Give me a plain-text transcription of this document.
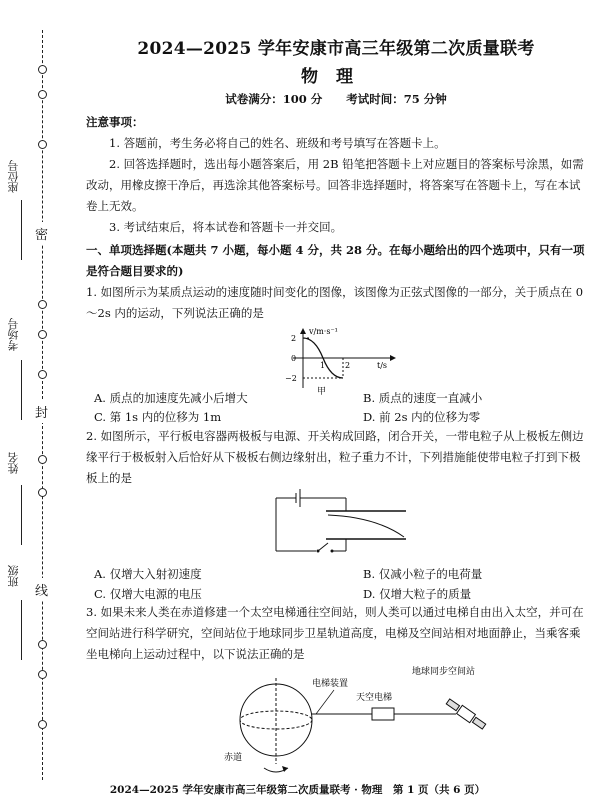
密
封
线
座位号
考场号
姓名
班级
2024—2025 学年安康市高三年级第二次质量联考
物理
试卷满分：100 分 考试时间：75 分钟
注意事项：
1. 答题前，考生务必将自己的姓名、班级和考号填写在答题卡上。
2. 回答选择题时，选出每小题答案后，用 2B 铅笔把答题卡上对应题目的答案标号涂黑，如需改动，用橡皮擦干净后，再选涂其他答案标号。回答非选择题时，将答案写在答题卡上，写在本试卷上无效。
3. 考试结束后，将本试卷和答题卡一并交回。
一、单项选择题(本题共 7 小题，每小题 4 分，共 28 分。在每小题给出的四个选项中，只有一项是符合题目要求的)
1. 如图所示为某质点运动的速度随时间变化的图像，该图像为正弦式图像的一部分，关于质点在 0～2s 内的运动，下列说法正确的是
v/m·s⁻¹
2
0
−2
1 2	t/s
甲
A. 质点的加速度先减小后增大	B. 质点的速度一直减小
C. 第 1s 内的位移为 1m	D. 前 2s 内的位移为零
2. 如图所示，平行板电容器两极板与电源、开关构成回路，闭合开关，一带电粒子从上极板左侧边缘平行于极板射入后恰好从下极板右侧边缘射出，粒子重力不计，下列措施能使带电粒子打到下极板上的是
A. 仅增大入射初速度	B. 仅减小粒子的电荷量
C. 仅增大电源的电压	D. 仅增大粒子的质量
3. 如果未来人类在赤道修建一个太空电梯通往空间站，则人类可以通过电梯自由出入太空，并可在空间站进行科学研究，空间站位于地球同步卫星轨道高度，电梯及空间站相对地面静止，当乘客乘坐电梯向上运动过程中，以下说法正确的是
电梯装置
天空电梯
地球同步空间站
赤道
2024—2025 学年安康市高三年级第二次质量联考 · 物理　第 1 页（共 6 页）
